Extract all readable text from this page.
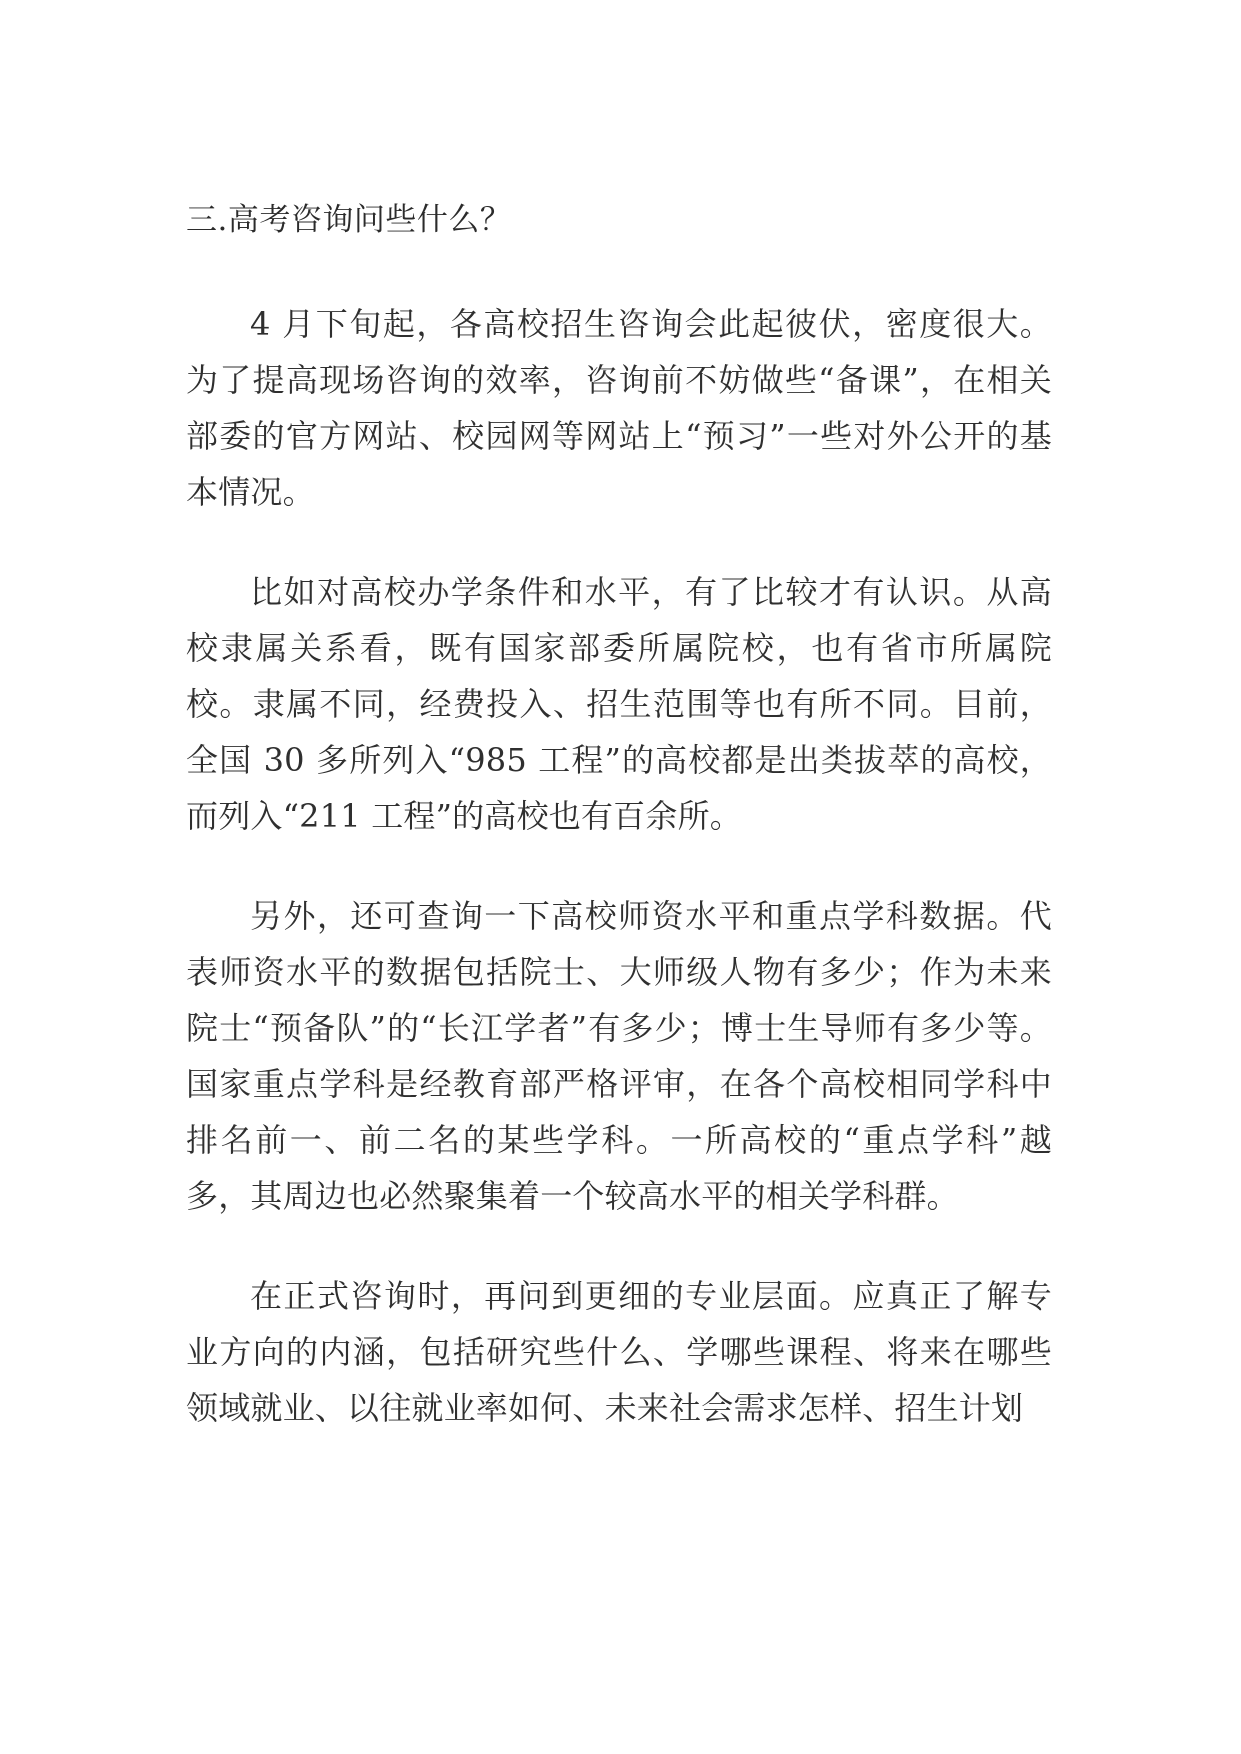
三.高考咨询问些什么？

4 月下旬起，各高校招生咨询会此起彼伏，密度很大。为了提高现场咨询的效率，咨询前不妨做些“备课”，在相关部委的官方网站、校园网等网站上“预习”一些对外公开的基本情况。

比如对高校办学条件和水平，有了比较才有认识。从高校隶属关系看，既有国家部委所属院校，也有省市所属院校。隶属不同，经费投入、招生范围等也有所不同。目前，全国 30 多所列入“985 工程”的高校都是出类拔萃的高校，而列入“211 工程”的高校也有百余所。

另外，还可查询一下高校师资水平和重点学科数据。代表师资水平的数据包括院士、大师级人物有多少；作为未来院士“预备队”的“长江学者”有多少；博士生导师有多少等。国家重点学科是经教育部严格评审，在各个高校相同学科中排名前一、前二名的某些学科。一所高校的“重点学科”越多，其周边也必然聚集着一个较高水平的相关学科群。

在正式咨询时，再问到更细的专业层面。应真正了解专业方向的内涵，包括研究些什么、学哪些课程、将来在哪些领域就业、以往就业率如何、未来社会需求怎样、招生计划
